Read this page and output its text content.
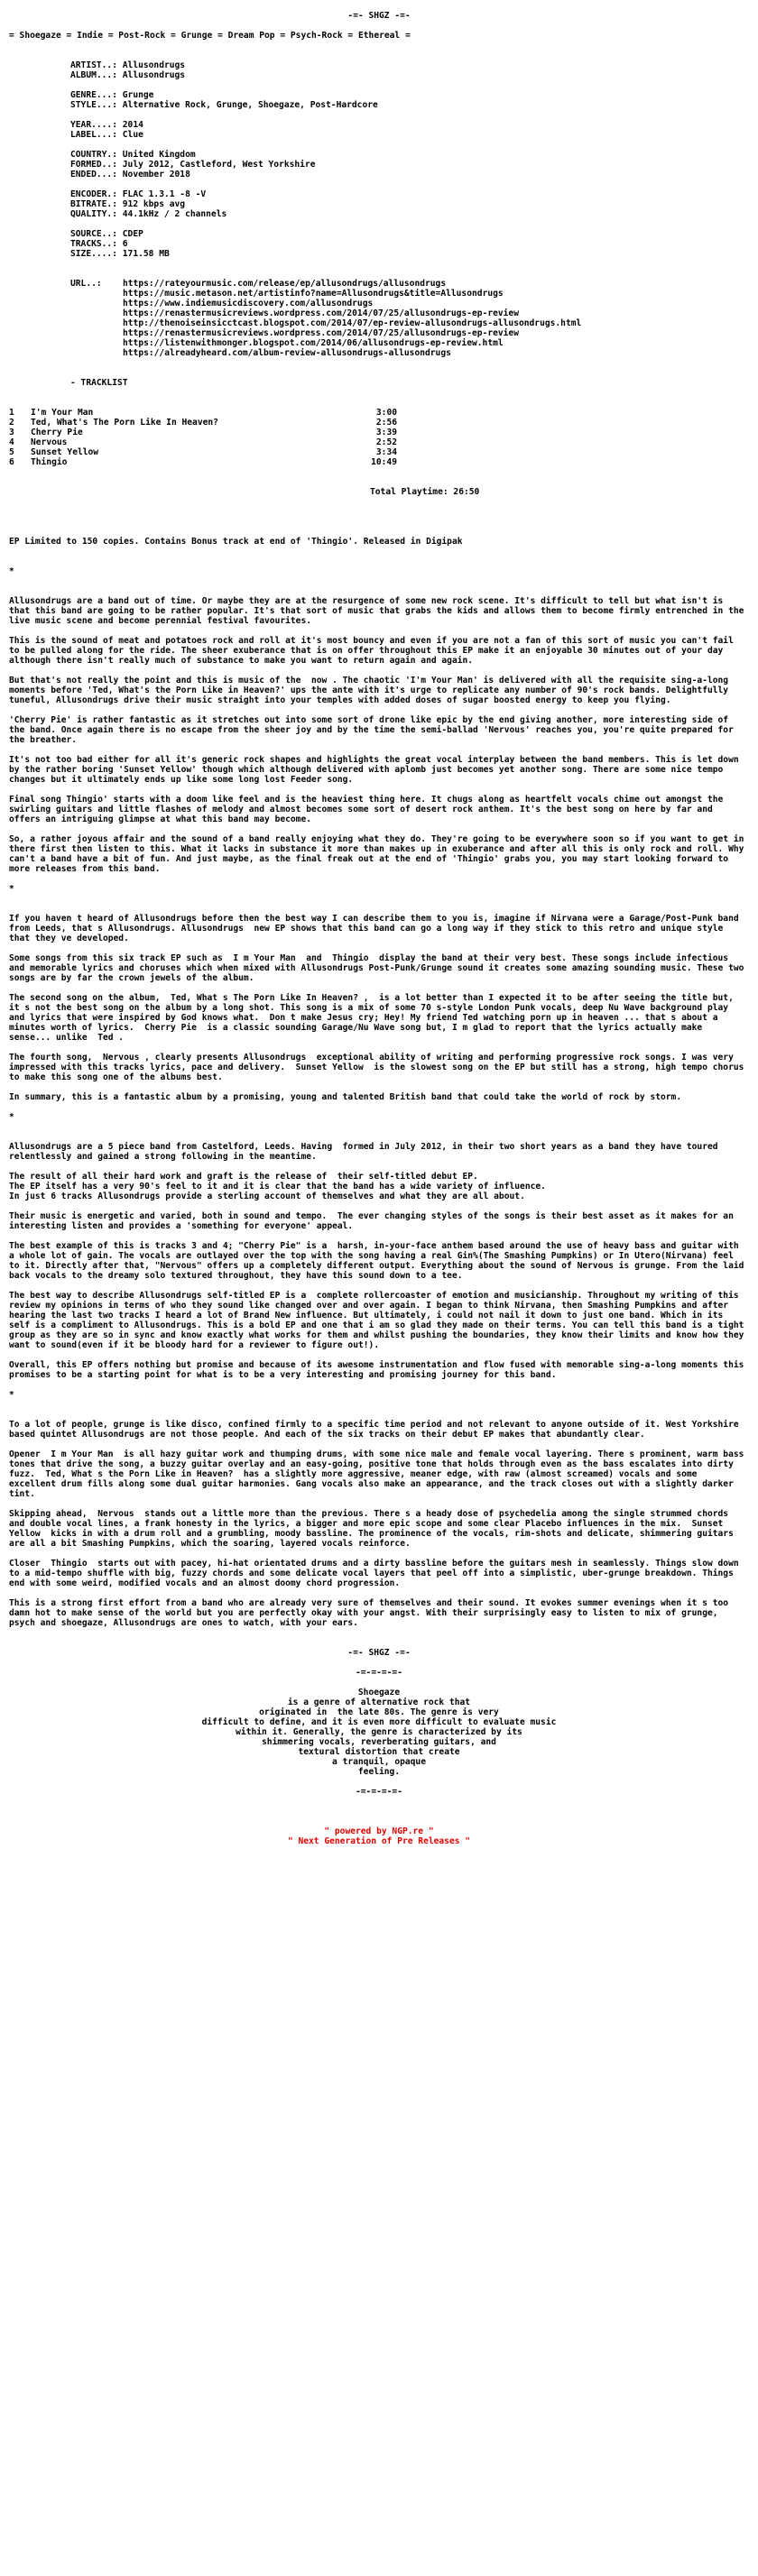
-=- SHGZ -=-
= Shoegaze = Indie = Post-Rock = Grunge = Dream Pop = Psych-Rock = Ethereal =
ARTIST..: Allusondrugs
ALBUM...: Allusondrugs
GENRE...: Grunge
STYLE...: Alternative Rock, Grunge, Shoegaze, Post-Hardcore
YEAR....: 2014
LABEL...: Clue
COUNTRY.: United Kingdom
FORMED..: July 2012, Castleford, West Yorkshire
ENDED...: November 2018
ENCODER.: FLAC 1.3.1 -8 -V
BITRATE.: 912 kbps avg
QUALITY.: 44.1kHz / 2 channels
SOURCE..: CDEP
TRACKS..: 6
SIZE....: 171.58 MB
URL..:	https://rateyourmusic.com/release/ep/allusondrugs/allusondrugs
https://music.metason.net/artistinfo?name=Allusondrugs&title=Allusondrugs
https://www.indiemusicdiscovery.com/allusondrugs
https://renastermusicreviews.wordpress.com/2014/07/25/allusondrugs-ep-review
http://thenoiseinsicctcast.blogspot.com/2014/07/ep-review-allusondrugs-allusondrugs.html
https://renastermusicreviews.wordpress.com/2014/07/25/allusondrugs-ep-review
https://listenwithmonger.blogspot.com/2014/06/allusondrugs-ep-review.html
https://alreadyheard.com/album-review-allusondrugs-allusondrugs
- TRACKLIST
1	I'm Your Man	3:00
2	Ted, What's The Porn Like In Heaven?	2:56
3	Cherry Pie	3:39
4	Nervous	2:52
5	Sunset Yellow	3:34
6	Thingio	10:49
Total Playtime: 26:50
EP Limited to 150 copies. Contains Bonus track at end of 'Thingio'. Released in Digipak
*

Allusondrugs are a band out of time. Or maybe they are at the resurgence of some new rock scene. It's difficult to tell but what isn't is that this band are going to be rather popular. It's that sort of music that grabs the kids and allows them to become firmly entrenched in the live music scene and become perennial festival favourites.

This is the sound of meat and potatoes rock and roll at it's most bouncy and even if you are not a fan of this sort of music you can't fail to be pulled along for the ride. The sheer exuberance that is on offer throughout this EP make it an enjoyable 30 minutes out of your day although there isn't really much of substance to make you want to return again and again.

But that's not really the point and this is music of the  now . The chaotic 'I'm Your Man' is delivered with all the requisite sing-a-long moments before 'Ted, What's the Porn Like in Heaven?' ups the ante with it's urge to replicate any number of 90's rock bands. Delightfully tuneful, Allusondrugs drive their music straight into your temples with added doses of sugar boosted energy to keep you flying.

'Cherry Pie' is rather fantastic as it stretches out into some sort of drone like epic by the end giving another, more interesting side of the band. Once again there is no escape from the sheer joy and by the time the semi-ballad 'Nervous' reaches you, you're quite prepared for the breather.

It's not too bad either for all it's generic rock shapes and highlights the great vocal interplay between the band members. This is let down by the rather boring 'Sunset Yellow' though which although delivered with aplomb just becomes yet another song. There are some nice tempo changes but it ultimately ends up like some long lost Feeder song.

Final song Thingio' starts with a doom like feel and is the heaviest thing here. It chugs along as heartfelt vocals chime out amongst the swirling guitars and little flashes of melody and almost becomes some sort of desert rock anthem. It's the best song on here by far and offers an intriguing glimpse at what this band may become.

So, a rather joyous affair and the sound of a band really enjoying what they do. They're going to be everywhere soon so if you want to get in there first then listen to this. What it lacks in substance it more than makes up in exuberance and after all this is only rock and roll. Why can't a band have a bit of fun. And just maybe, as the final freak out at the end of 'Thingio' grabs you, you may start looking forward to more releases from this band.

*

If you haven t heard of Allusondrugs before then the best way I can describe them to you is, imagine if Nirvana were a Garage/Post-Punk band from Leeds, that s Allusondrugs. Allusondrugs  new EP shows that this band can go a long way if they stick to this retro and unique style that they ve developed.

Some songs from this six track EP such as  I m Your Man  and  Thingio  display the band at their very best. These songs include infectious and memorable lyrics and choruses which when mixed with Allusondrugs Post-Punk/Grunge sound it creates some amazing sounding music. These two songs are by far the crown jewels of the album.

The second song on the album,  Ted, What s The Porn Like In Heaven? ,  is a lot better than I expected it to be after seeing the title but, it s not the best song on the album by a long shot. This song is a mix of some 70 s-style London Punk vocals, deep Nu Wave background play and lyrics that were inspired by God knows what.  Don t make Jesus cry; Hey! My friend Ted watching porn up in heaven ... that s about a minutes worth of lyrics.  Cherry Pie  is a classic sounding Garage/Nu Wave song but, I m glad to report that the lyrics actually make sense... unlike  Ted .

The fourth song,  Nervous , clearly presents Allusondrugs  exceptional ability of writing and performing progressive rock songs. I was very impressed with this tracks lyrics, pace and delivery.  Sunset Yellow  is the slowest song on the EP but still has a strong, high tempo chorus to make this song one of the albums best.

In summary, this is a fantastic album by a promising, young and talented British band that could take the world of rock by storm.

*

Allusondrugs are a 5 piece band from Castelford, Leeds. Having  formed in July 2012, in their two short years as a band they have toured relentlessly and gained a strong following in the meantime.

The result of all their hard work and graft is the release of  their self-titled debut EP.
The EP itself has a very 90's feel to it and it is clear that the band has a wide variety of influence.
In just 6 tracks Allusondrugs provide a sterling account of themselves and what they are all about.

Their music is energetic and varied, both in sound and tempo.  The ever changing styles of the songs is their best asset as it makes for an interesting listen and provides a 'something for everyone' appeal.

The best example of this is tracks 3 and 4; "Cherry Pie" is a  harsh, in-your-face anthem based around the use of heavy bass and guitar with a whole lot of gain. The vocals are outlayed over the top with the song having a real Gin%(The Smashing Pumpkins) or In Utero(Nirvana) feel to it. Directly after that, "Nervous" offers up a completely different output. Everything about the sound of Nervous is grunge. From the laid back vocals to the dreamy solo textured throughout, they have this sound down to a tee.

The best way to describe Allusondrugs self-titled EP is a  complete rollercoaster of emotion and musicianship. Throughout my writing of this review my opinions in terms of who they sound like changed over and over again. I began to think Nirvana, then Smashing Pumpkins and after hearing the last two tracks I heard a lot of Brand New influence. But ultimately, i could not nail it down to just one band. Which in its self is a compliment to Allusondrugs. This is a bold EP and one that i am so glad they made on their terms. You can tell this band is a tight group as they are so in sync and know exactly what works for them and whilst pushing the boundaries, they know their limits and know how they want to sound(even if it be bloody hard for a reviewer to figure out!).

Overall, this EP offers nothing but promise and because of its awesome instrumentation and flow fused with memorable sing-a-long moments this promises to be a starting point for what is to be a very interesting and promising journey for this band.

*

To a lot of people, grunge is like disco, confined firmly to a specific time period and not relevant to anyone outside of it. West Yorkshire based quintet Allusondrugs are not those people. And each of the six tracks on their debut EP makes that abundantly clear.

Opener  I m Your Man  is all hazy guitar work and thumping drums, with some nice male and female vocal layering. There s prominent, warm bass tones that drive the song, a buzzy guitar overlay and an easy-going, positive tone that holds through even as the bass escalates into dirty fuzz.  Ted, What s the Porn Like in Heaven?  has a slightly more aggressive, meaner edge, with raw (almost screamed) vocals and some excellent drum fills along some dual guitar harmonies. Gang vocals also make an appearance, and the track closes out with a slightly darker tint.

Skipping ahead,  Nervous  stands out a little more than the previous. There s a heady dose of psychedelia among the single strummed chords and double vocal lines, a frank honesty in the lyrics, a bigger and more epic scope and some clear Placebo influences in the mix.  Sunset Yellow  kicks in with a drum roll and a grumbling, moody bassline. The prominence of the vocals, rim-shots and delicate, shimmering guitars are all a bit Smashing Pumpkins, which the soaring, layered vocals reinforce.

Closer  Thingio  starts out with pacey, hi-hat orientated drums and a dirty bassline before the guitars mesh in seamlessly. Things slow down to a mid-tempo shuffle with big, fuzzy chords and some delicate vocal layers that peel off into a simplistic, uber-grunge breakdown. Things end with some weird, modified vocals and an almost doomy chord progression.

This is a strong first effort from a band who are already very sure of themselves and their sound. It evokes summer evenings when it s too damn hot to make sense of the world but you are perfectly okay with your angst. With their surprisingly easy to listen to mix of grunge, psych and shoegaze, Allusondrugs are ones to watch, with your ears.

-=- SHGZ -=-
-=-=-=-=-
Shoegaze
is a genre of alternative rock that
originated in  the late 80s. The genre is very
difficult to define, and it is even more difficult to evaluate music
within it. Generally, the genre is characterized by its
shimmering vocals, reverberating guitars, and
textural distortion that create
a tranquil, opaque
feeling.
-=-=-=-=-
" powered by NGP.re "
" Next Generation of Pre Releases "
